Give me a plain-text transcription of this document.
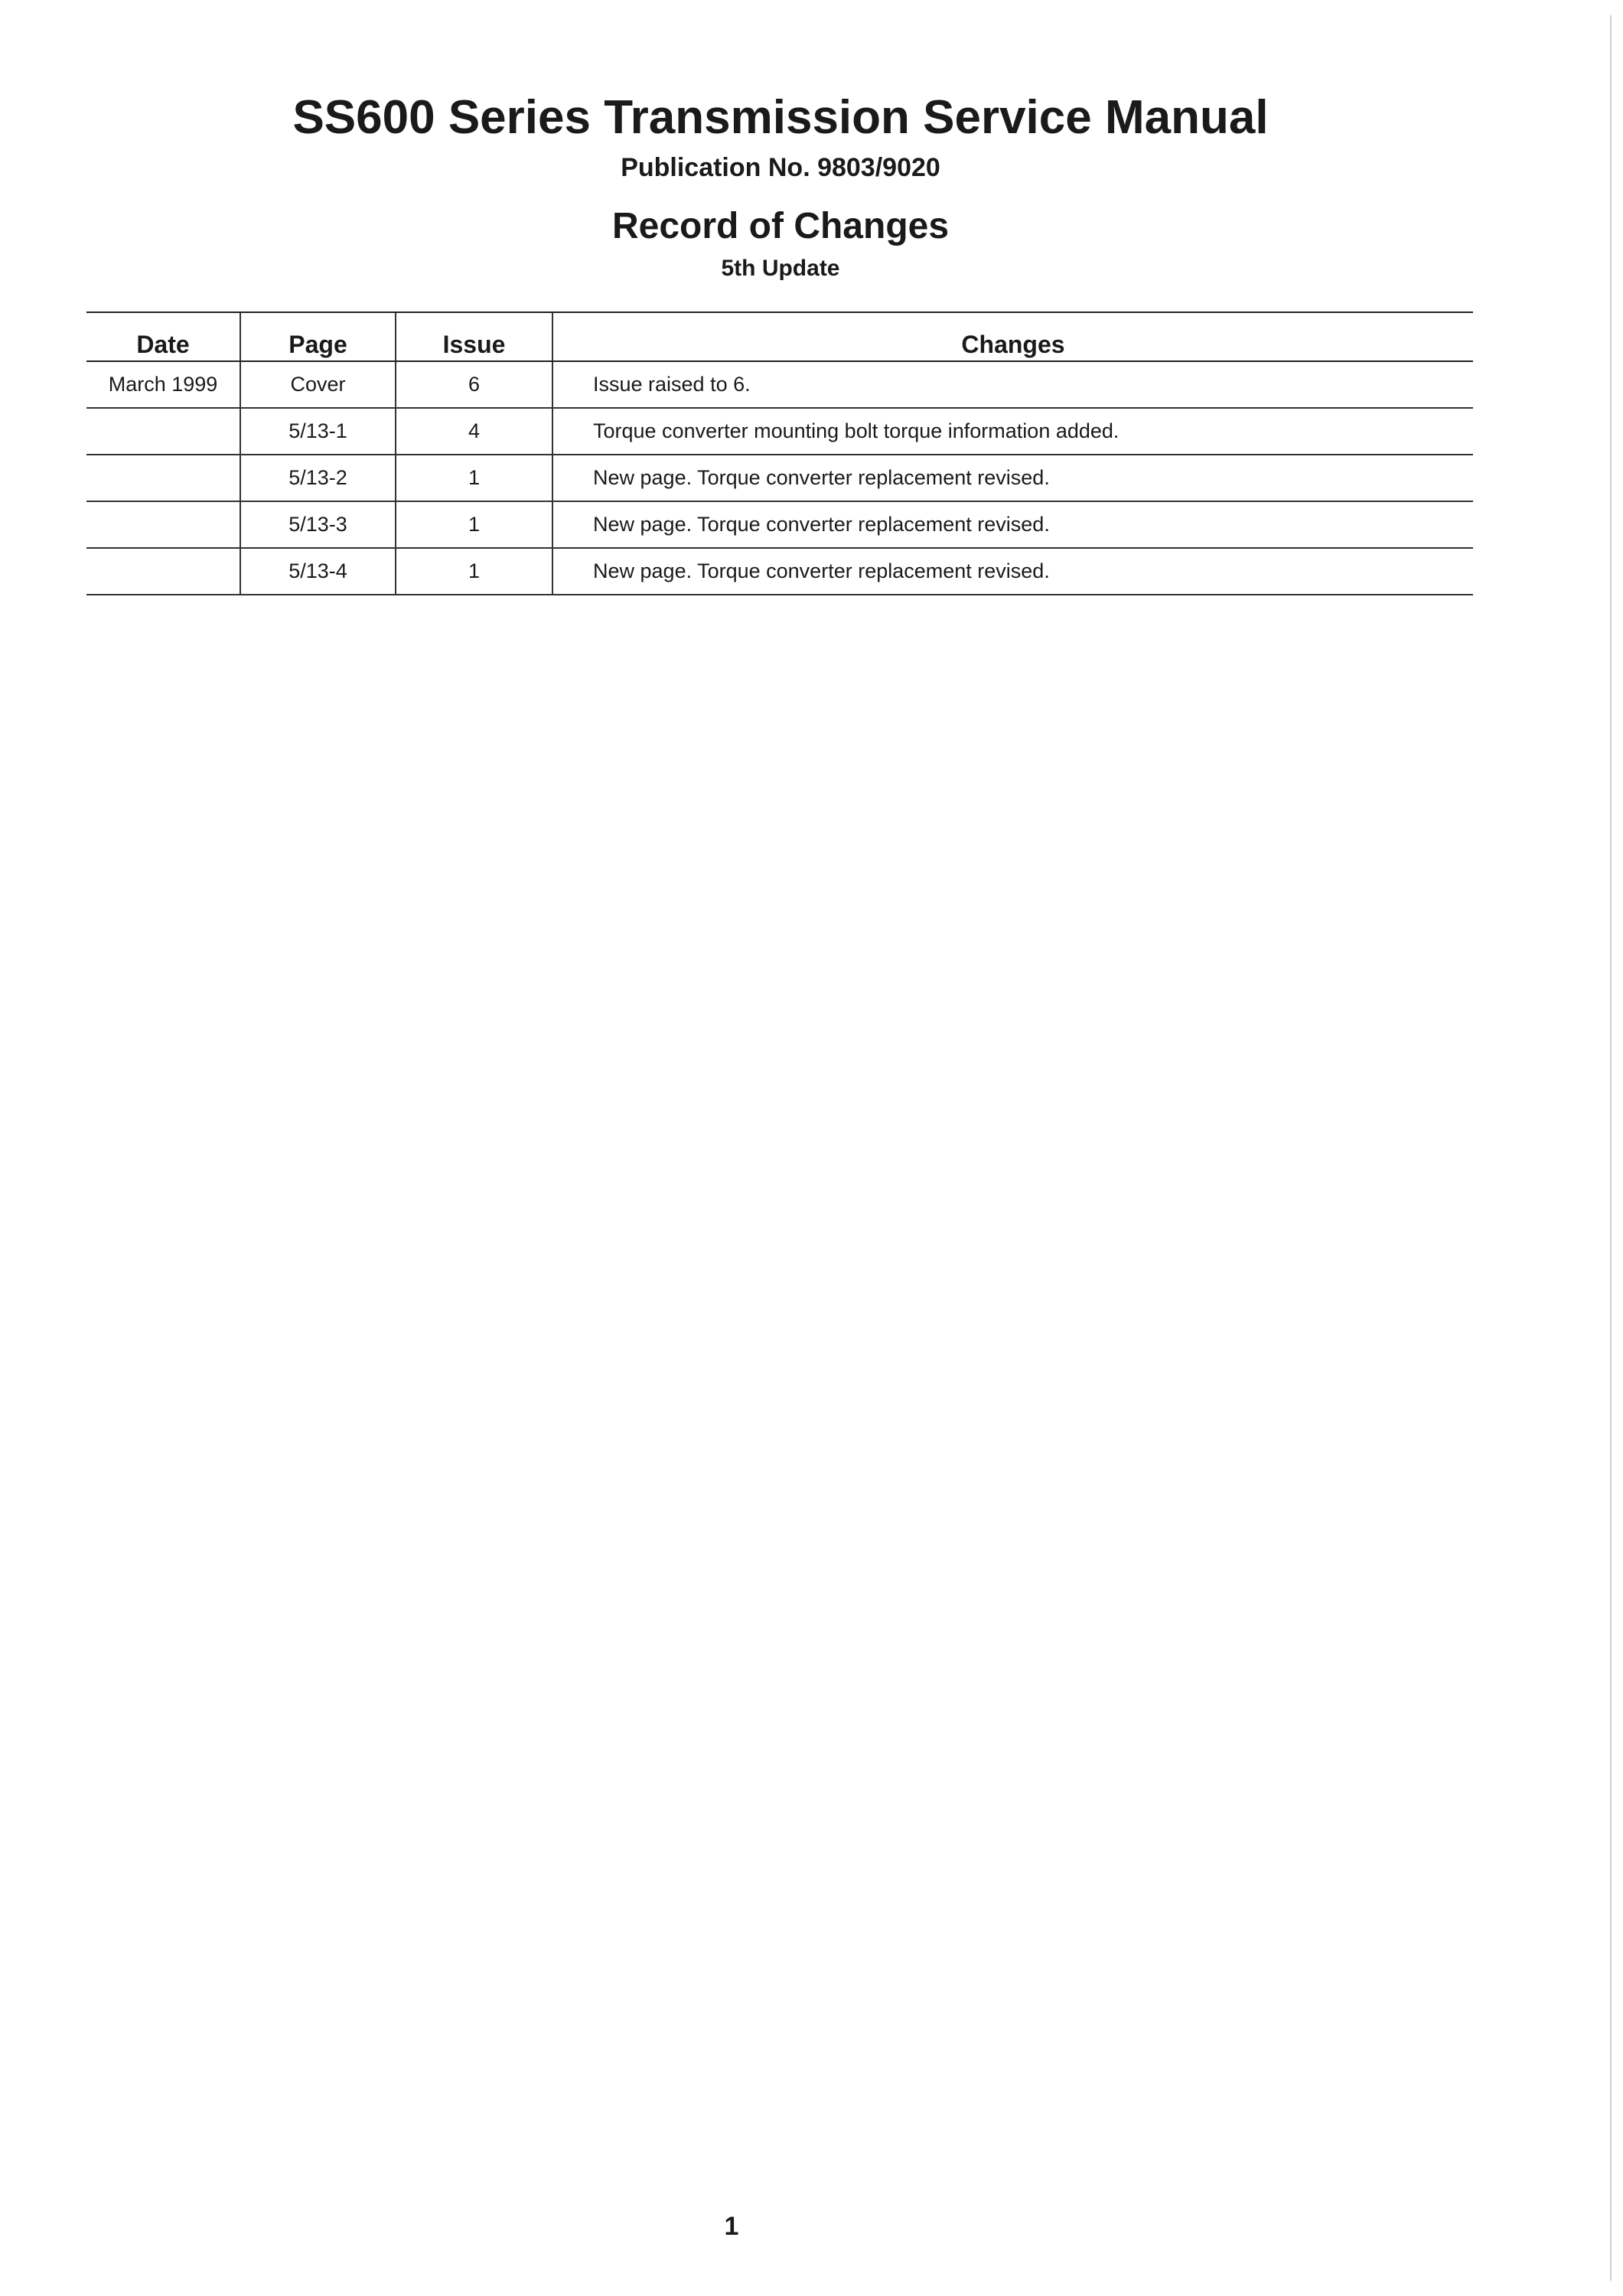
SS600 Series Transmission Service Manual
Publication No. 9803/9020
Record of Changes
5th Update
Date	Page	Issue	Changes
March 1999	Cover	6	Issue raised to 6.
	5/13-1	4	Torque converter mounting bolt torque information added.
	5/13-2	1	New page. Torque converter replacement revised.
	5/13-3	1	New page. Torque converter replacement revised.
	5/13-4	1	New page. Torque converter replacement revised.
1
